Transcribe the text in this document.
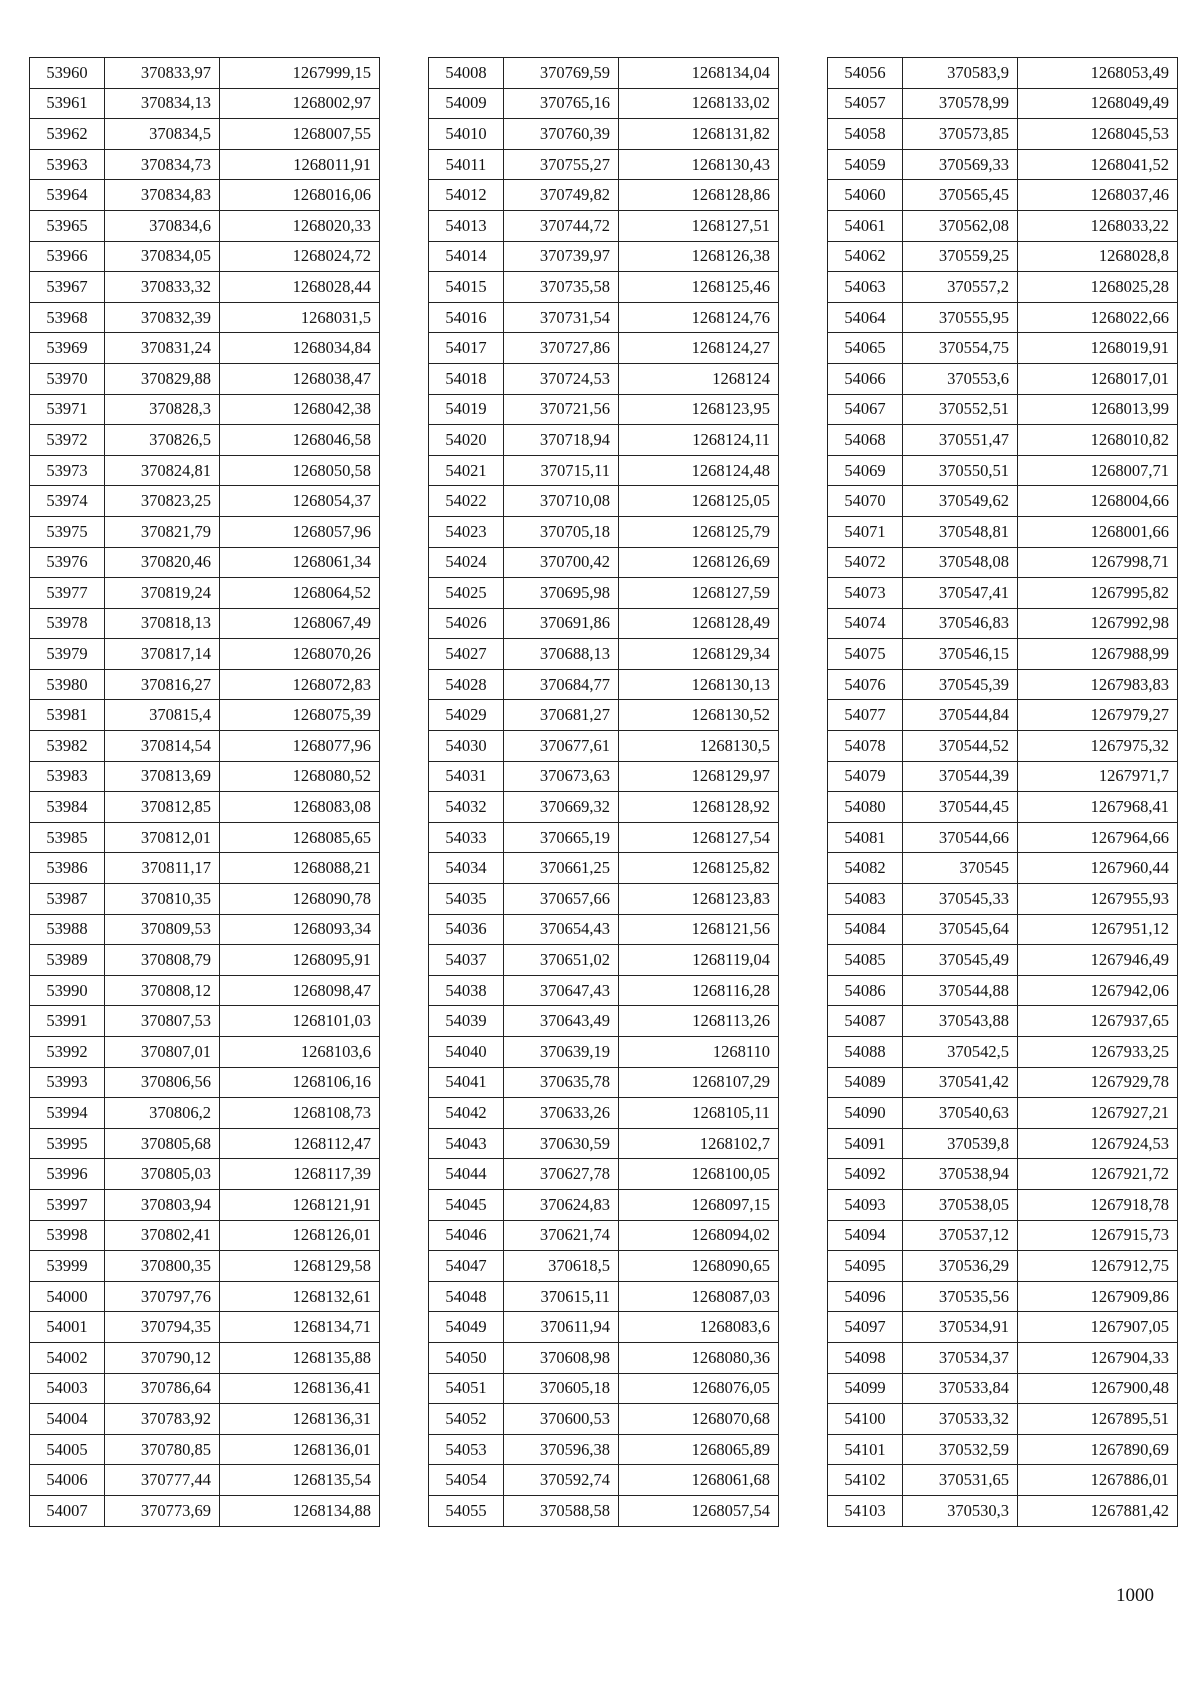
53960	370833,97	1267999,15
53961	370834,13	1268002,97
53962	370834,5	1268007,55
53963	370834,73	1268011,91
53964	370834,83	1268016,06
53965	370834,6	1268020,33
53966	370834,05	1268024,72
53967	370833,32	1268028,44
53968	370832,39	1268031,5
53969	370831,24	1268034,84
53970	370829,88	1268038,47
53971	370828,3	1268042,38
53972	370826,5	1268046,58
53973	370824,81	1268050,58
53974	370823,25	1268054,37
53975	370821,79	1268057,96
53976	370820,46	1268061,34
53977	370819,24	1268064,52
53978	370818,13	1268067,49
53979	370817,14	1268070,26
53980	370816,27	1268072,83
53981	370815,4	1268075,39
53982	370814,54	1268077,96
53983	370813,69	1268080,52
53984	370812,85	1268083,08
53985	370812,01	1268085,65
53986	370811,17	1268088,21
53987	370810,35	1268090,78
53988	370809,53	1268093,34
53989	370808,79	1268095,91
53990	370808,12	1268098,47
53991	370807,53	1268101,03
53992	370807,01	1268103,6
53993	370806,56	1268106,16
53994	370806,2	1268108,73
53995	370805,68	1268112,47
53996	370805,03	1268117,39
53997	370803,94	1268121,91
53998	370802,41	1268126,01
53999	370800,35	1268129,58
54000	370797,76	1268132,61
54001	370794,35	1268134,71
54002	370790,12	1268135,88
54003	370786,64	1268136,41
54004	370783,92	1268136,31
54005	370780,85	1268136,01
54006	370777,44	1268135,54
54007	370773,69	1268134,88
54008	370769,59	1268134,04
54009	370765,16	1268133,02
54010	370760,39	1268131,82
54011	370755,27	1268130,43
54012	370749,82	1268128,86
54013	370744,72	1268127,51
54014	370739,97	1268126,38
54015	370735,58	1268125,46
54016	370731,54	1268124,76
54017	370727,86	1268124,27
54018	370724,53	1268124
54019	370721,56	1268123,95
54020	370718,94	1268124,11
54021	370715,11	1268124,48
54022	370710,08	1268125,05
54023	370705,18	1268125,79
54024	370700,42	1268126,69
54025	370695,98	1268127,59
54026	370691,86	1268128,49
54027	370688,13	1268129,34
54028	370684,77	1268130,13
54029	370681,27	1268130,52
54030	370677,61	1268130,5
54031	370673,63	1268129,97
54032	370669,32	1268128,92
54033	370665,19	1268127,54
54034	370661,25	1268125,82
54035	370657,66	1268123,83
54036	370654,43	1268121,56
54037	370651,02	1268119,04
54038	370647,43	1268116,28
54039	370643,49	1268113,26
54040	370639,19	1268110
54041	370635,78	1268107,29
54042	370633,26	1268105,11
54043	370630,59	1268102,7
54044	370627,78	1268100,05
54045	370624,83	1268097,15
54046	370621,74	1268094,02
54047	370618,5	1268090,65
54048	370615,11	1268087,03
54049	370611,94	1268083,6
54050	370608,98	1268080,36
54051	370605,18	1268076,05
54052	370600,53	1268070,68
54053	370596,38	1268065,89
54054	370592,74	1268061,68
54055	370588,58	1268057,54
54056	370583,9	1268053,49
54057	370578,99	1268049,49
54058	370573,85	1268045,53
54059	370569,33	1268041,52
54060	370565,45	1268037,46
54061	370562,08	1268033,22
54062	370559,25	1268028,8
54063	370557,2	1268025,28
54064	370555,95	1268022,66
54065	370554,75	1268019,91
54066	370553,6	1268017,01
54067	370552,51	1268013,99
54068	370551,47	1268010,82
54069	370550,51	1268007,71
54070	370549,62	1268004,66
54071	370548,81	1268001,66
54072	370548,08	1267998,71
54073	370547,41	1267995,82
54074	370546,83	1267992,98
54075	370546,15	1267988,99
54076	370545,39	1267983,83
54077	370544,84	1267979,27
54078	370544,52	1267975,32
54079	370544,39	1267971,7
54080	370544,45	1267968,41
54081	370544,66	1267964,66
54082	370545	1267960,44
54083	370545,33	1267955,93
54084	370545,64	1267951,12
54085	370545,49	1267946,49
54086	370544,88	1267942,06
54087	370543,88	1267937,65
54088	370542,5	1267933,25
54089	370541,42	1267929,78
54090	370540,63	1267927,21
54091	370539,8	1267924,53
54092	370538,94	1267921,72
54093	370538,05	1267918,78
54094	370537,12	1267915,73
54095	370536,29	1267912,75
54096	370535,56	1267909,86
54097	370534,91	1267907,05
54098	370534,37	1267904,33
54099	370533,84	1267900,48
54100	370533,32	1267895,51
54101	370532,59	1267890,69
54102	370531,65	1267886,01
54103	370530,3	1267881,42
1000
